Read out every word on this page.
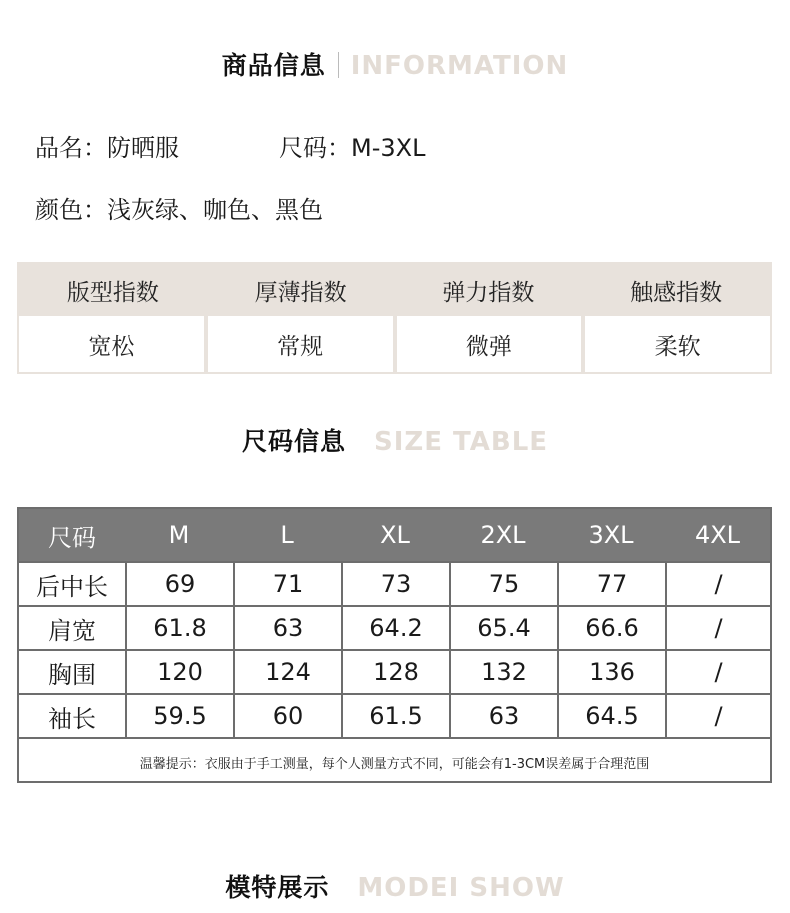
商品信息 INFORMATION
品名：防晒服	尺码：M-3XL
颜色：浅灰绿、咖色、黑色
版型指数	厚薄指数	弹力指数	触感指数
宽松	常规	微弹	柔软
尺码信息 SIZE TABLE
尺码	M	L	XL	2XL	3XL	4XL
后中长	69	71	73	75	77	/
肩宽	61.8	63	64.2	65.4	66.6	/
胸围	120	124	128	132	136	/
袖长	59.5	60	61.5	63	64.5	/
温馨提示：衣服由于手工测量，每个人测量方式不同，可能会有1-3CM误差属于合理范围
模特展示 MODEI SHOW
